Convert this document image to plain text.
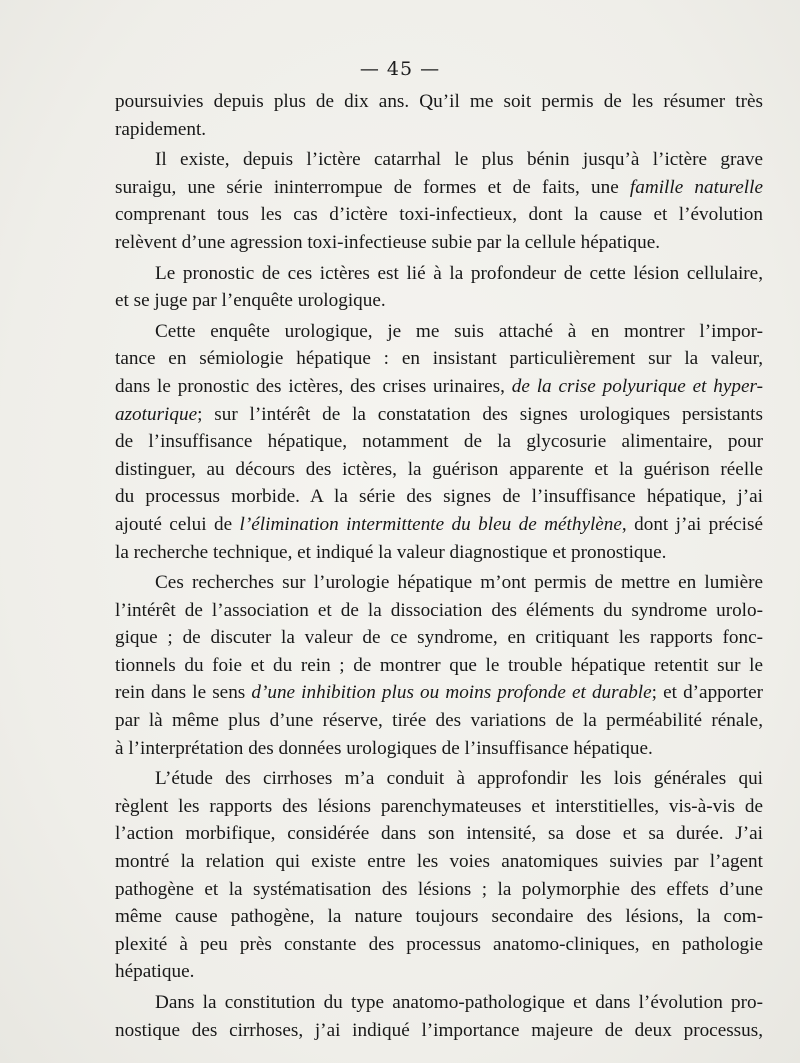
— 45 —

poursuivies depuis plus de dix ans. Qu’il me soit permis de les résumer très
rapidement.

Il existe, depuis l’ictère catarrhal le plus bénin jusqu’à l’ictère grave
suraigu, une série ininterrompue de formes et de faits, une famille naturelle
comprenant tous les cas d’ictère toxi-infectieux, dont la cause et l’évolution
relèvent d’une agression toxi-infectieuse subie par la cellule hépatique.

Le pronostic de ces ictères est lié à la profondeur de cette lésion cellulaire,
et se juge par l’enquête urologique.

Cette enquête urologique, je me suis attaché à en montrer l’impor-
tance en sémiologie hépatique : en insistant particulièrement sur la valeur,
dans le pronostic des ictères, des crises urinaires, de la crise polyurique et hyper-
azoturique; sur l’intérêt de la constatation des signes urologiques persistants
de l’insuffisance hépatique, notamment de la glycosurie alimentaire, pour
distinguer, au décours des ictères, la guérison apparente et la guérison réelle
du processus morbide. A la série des signes de l’insuffisance hépatique, j’ai
ajouté celui de l’élimination intermittente du bleu de méthylène, dont j’ai précisé
la recherche technique, et indiqué la valeur diagnostique et pronostique.

Ces recherches sur l’urologie hépatique m’ont permis de mettre en lumière
l’intérêt de l’association et de la dissociation des éléments du syndrome urolo-
gique ; de discuter la valeur de ce syndrome, en critiquant les rapports fonc-
tionnels du foie et du rein ; de montrer que le trouble hépatique retentit sur le
rein dans le sens d’une inhibition plus ou moins profonde et durable; et d’apporter
par là même plus d’une réserve, tirée des variations de la perméabilité rénale,
à l’interprétation des données urologiques de l’insuffisance hépatique.

L’étude des cirrhoses m’a conduit à approfondir les lois générales qui
règlent les rapports des lésions parenchymateuses et interstitielles, vis-à-vis de
l’action morbifique, considérée dans son intensité, sa dose et sa durée. J’ai
montré la relation qui existe entre les voies anatomiques suivies par l’agent
pathogène et la systématisation des lésions ; la polymorphie des effets d’une
même cause pathogène, la nature toujours secondaire des lésions, la com-
plexité à peu près constante des processus anatomo-cliniques, en pathologie
hépatique.

Dans la constitution du type anatomo-pathologique et dans l’évolution pro-
nostique des cirrhoses, j’ai indiqué l’importance majeure de deux processus,
